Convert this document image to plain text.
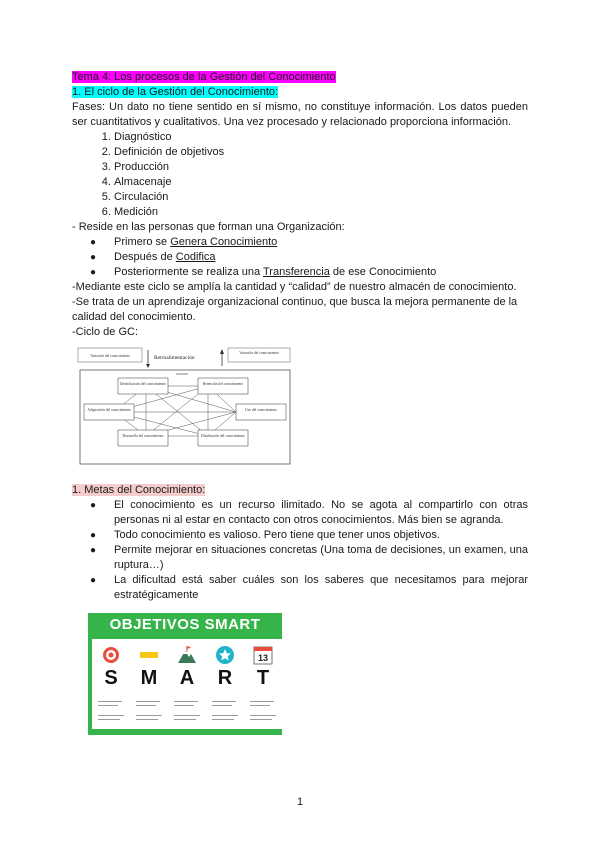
Tema 4: Los procesos de la Gestión del Conocimiento

1. El ciclo de la Gestión del Conocimiento:

Fases: Un dato no tiene sentido en sí mismo, no constituye información. Los datos pueden ser cuantitativos y cualitativos. Una vez procesado y relacionado proporciona información.

1. Diagnóstico
2. Definición de objetivos
3. Producción
4. Almacenaje
5. Circulación
6. Medición

- Reside en las personas que forman una Organización:

● Primero se Genera Conocimiento
● Después de Codifica
● Posteriormente se realiza una Transferencia de ese Conocimiento

-Mediante este ciclo se amplía la cantidad y “calidad” de nuestro almacén de conocimiento.

-Se trata de un aprendizaje organizacional continuo, que busca la mejora permanente de la calidad del conocimiento.

-Ciclo de GC:

Variación del conocimiento	Retroalimentación
Variación del conocimiento
Identificación del conocimiento	Retención del conocimiento
Adquisición del conocimiento	Uso del conocimiento
Desarrollo del conocimiento	Distribución del conocimiento

1. Metas del Conocimiento:

● El conocimiento es un recurso ilimitado. No se agota al compartirlo con otras personas ni al estar en contacto con otros conocimientos. Más bien se agranda.
● Todo conocimiento es valioso. Pero tiene que tener unos objetivos.
● Permite mejorar en situaciones concretas (Una toma de decisiones, un examen, una ruptura…)
● La dificultad está saber cuáles son los saberes que necesitamos para mejorar estratégicamente
OBJETIVOS SMART
S	M	A	R
13
T
1
